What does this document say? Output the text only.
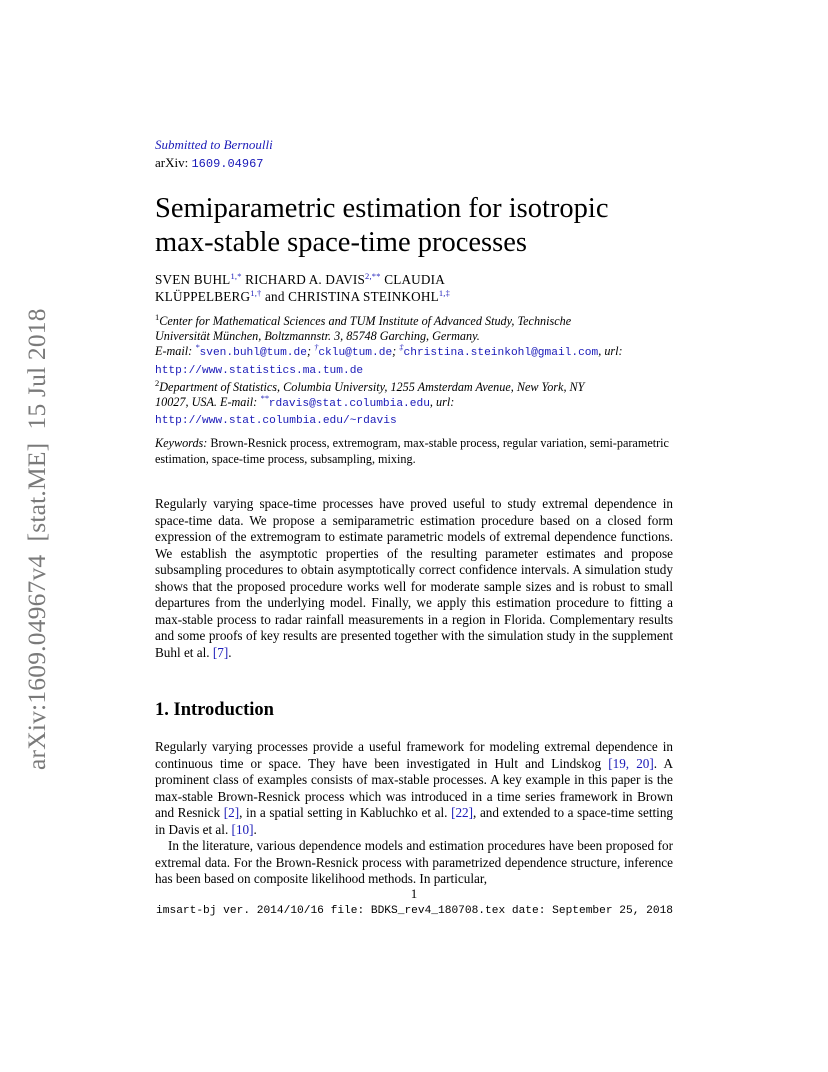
arXiv:1609.04967v4  [stat.ME]  15 Jul 2018
Submitted to Bernoulli
arXiv: 1609.04967
Semiparametric estimation for isotropic
max-stable space-time processes
SVEN $BUHL^{1,*}$ RICHARD A. $DAVIS^{2,**}$ CLAUDIA
$KLÜPPELBERG^{1,\dagger}$ and CHRISTINA $STEINKOHL^{1,\ddagger}$
$^1$Center for Mathematical Sciences and TUM Institute of Advanced Study, Technische
Universität München, Boltzmannstr. 3, 85748 Garching, Germany.
E-mail: *sven.buhl@tum.de; †cklu@tum.de; ‡christina.steinkohl@gmail.com, url:
http://www.statistics.ma.tum.de
$^2$Department of Statistics, Columbia University, 1255 Amsterdam Avenue, New York, NY
10027, USA. E-mail: **rdavis@stat.columbia.edu, url:
http://www.stat.columbia.edu/~rdavis
Keywords: Brown-Resnick process, extremogram, max-stable process, regular variation, semi-parametric estimation, space-time process, subsampling, mixing.
Regularly varying space-time processes have proved useful to study extremal dependence in space-time data. We propose a semiparametric estimation procedure based on a closed form expression of the extremogram to estimate parametric models of extremal dependence functions. We establish the asymptotic properties of the resulting parameter estimates and propose subsampling procedures to obtain asymptotically correct confidence intervals. A simulation study shows that the proposed procedure works well for moderate sample sizes and is robust to small departures from the underlying model. Finally, we apply this estimation procedure to fitting a max-stable process to radar rainfall measurements in a region in Florida. Complementary results and some proofs of key results are presented together with the simulation study in the supplement Buhl et al. [7].
1. Introduction

Regularly varying processes provide a useful framework for modeling extremal dependence in continuous time or space. They have been investigated in Hult and Lindskog [19, 20]. A prominent class of examples consists of max-stable processes. A key example in this paper is the max-stable Brown-Resnick process which was introduced in a time series framework in Brown and Resnick [2], in a spatial setting in Kabluchko et al. [22], and extended to a space-time setting in Davis et al. [10].

In the literature, various dependence models and estimation procedures have been proposed for extremal data. For the Brown-Resnick process with parametrized dependence structure, inference has been based on composite likelihood methods. In particular,

1
imsart-bj ver. 2014/10/16 file: BDKS_rev4_180708.tex date: September 25, 2018
